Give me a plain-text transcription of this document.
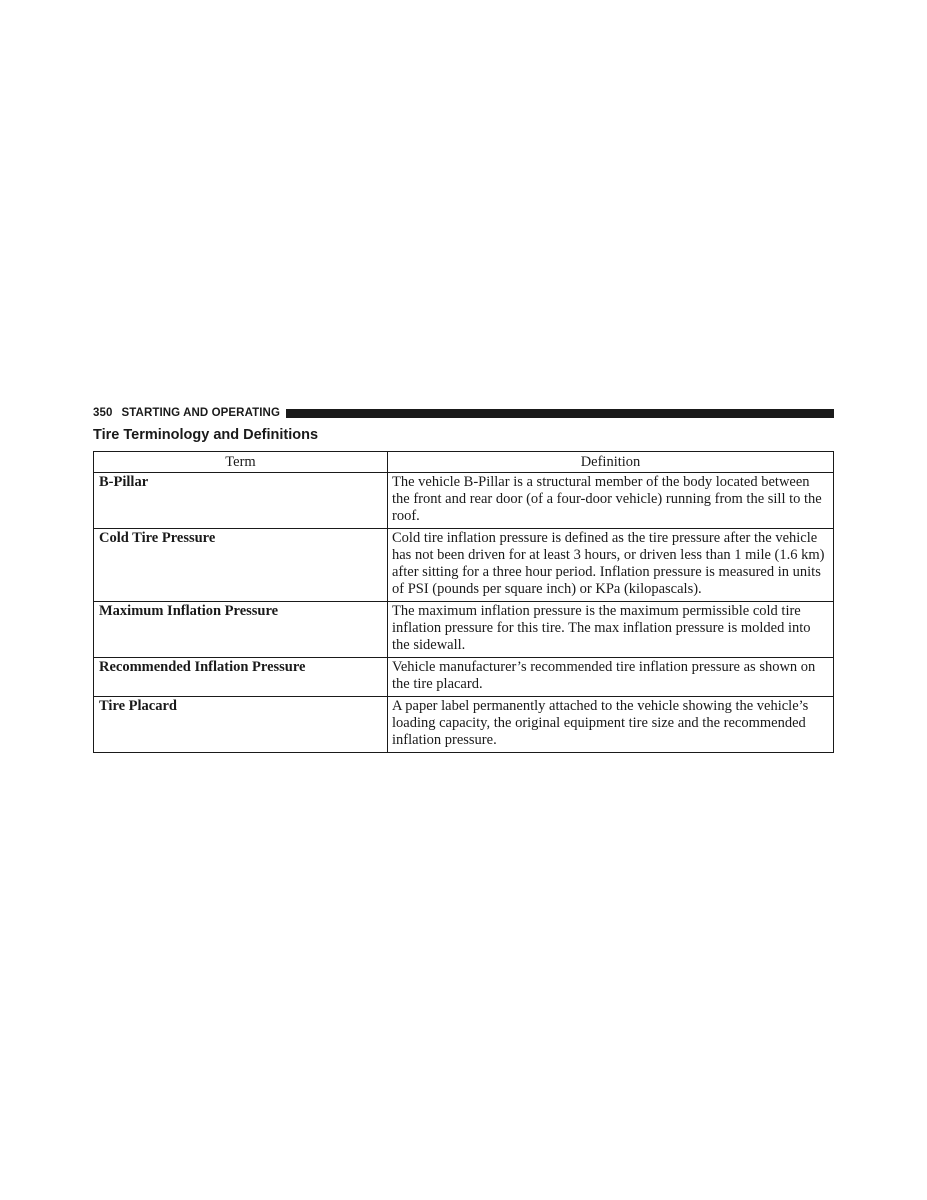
350 STARTING AND OPERATING
Tire Terminology and Definitions
Term	Definition
B-Pillar	The vehicle B-Pillar is a structural member of the body located between the front and rear door (of a four-door vehicle) running from the sill to the roof.
Cold Tire Pressure	Cold tire inflation pressure is defined as the tire pressure after the vehicle has not been driven for at least 3 hours, or driven less than 1 mile (1.6 km) after sitting for a three hour period. Inflation pressure is measured in units of PSI (pounds per square inch) or KPa (kilopascals).
Maximum Inflation Pressure	The maximum inflation pressure is the maximum permissible cold tire inflation pressure for this tire. The max inflation pressure is molded into the sidewall.
Recommended Inflation Pressure	Vehicle manufacturer’s recommended tire inflation pressure as shown on the tire placard.
Tire Placard	A paper label permanently attached to the vehicle showing the vehicle’s loading capacity, the original equipment tire size and the recommended inflation pressure.
